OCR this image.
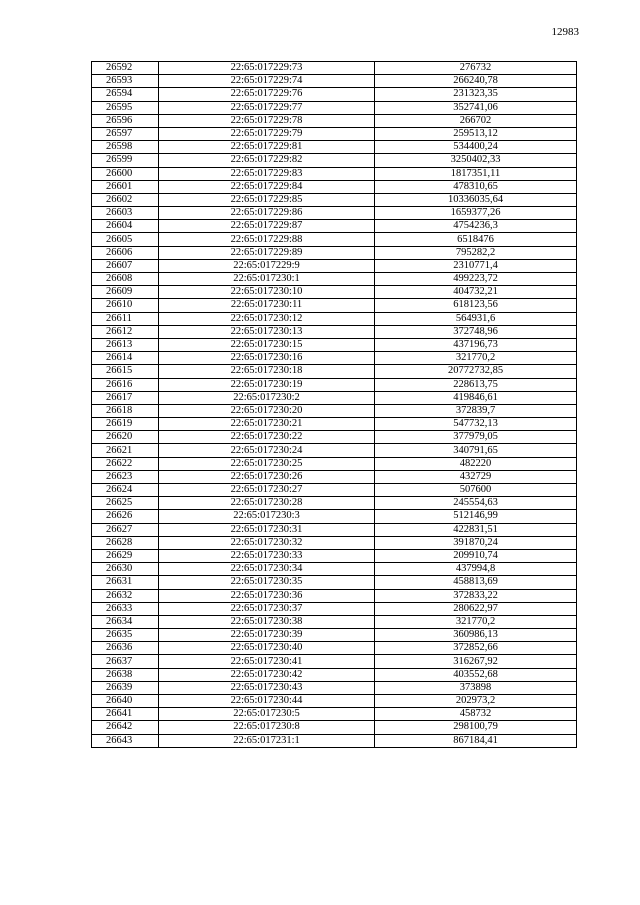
12983
26592	22:65:017229:73	276732
26593	22:65:017229:74	266240,78
26594	22:65:017229:76	231323,35
26595	22:65:017229:77	352741,06
26596	22:65:017229:78	266702
26597	22:65:017229:79	259513,12
26598	22:65:017229:81	534400,24
26599	22:65:017229:82	3250402,33
26600	22:65:017229:83	1817351,11
26601	22:65:017229:84	478310,65
26602	22:65:017229:85	10336035,64
26603	22:65:017229:86	1659377,26
26604	22:65:017229:87	4754236,3
26605	22:65:017229:88	6518476
26606	22:65:017229:89	795282,2
26607	22:65:017229:9	2310771,4
26608	22:65:017230:1	499223,72
26609	22:65:017230:10	404732,21
26610	22:65:017230:11	618123,56
26611	22:65:017230:12	564931,6
26612	22:65:017230:13	372748,96
26613	22:65:017230:15	437196,73
26614	22:65:017230:16	321770,2
26615	22:65:017230:18	20772732,85
26616	22:65:017230:19	228613,75
26617	22:65:017230:2	419846,61
26618	22:65:017230:20	372839,7
26619	22:65:017230:21	547732,13
26620	22:65:017230:22	377979,05
26621	22:65:017230:24	340791,65
26622	22:65:017230:25	482220
26623	22:65:017230:26	432729
26624	22:65:017230:27	507600
26625	22:65:017230:28	245554,63
26626	22:65:017230:3	512146,99
26627	22:65:017230:31	422831,51
26628	22:65:017230:32	391870,24
26629	22:65:017230:33	209910,74
26630	22:65:017230:34	437994,8
26631	22:65:017230:35	458813,69
26632	22:65:017230:36	372833,22
26633	22:65:017230:37	280622,97
26634	22:65:017230:38	321770,2
26635	22:65:017230:39	360986,13
26636	22:65:017230:40	372852,66
26637	22:65:017230:41	316267,92
26638	22:65:017230:42	403552,68
26639	22:65:017230:43	373898
26640	22:65:017230:44	202973,2
26641	22:65:017230:5	458732
26642	22:65:017230:8	298100,79
26643	22:65:017231:1	867184,41
